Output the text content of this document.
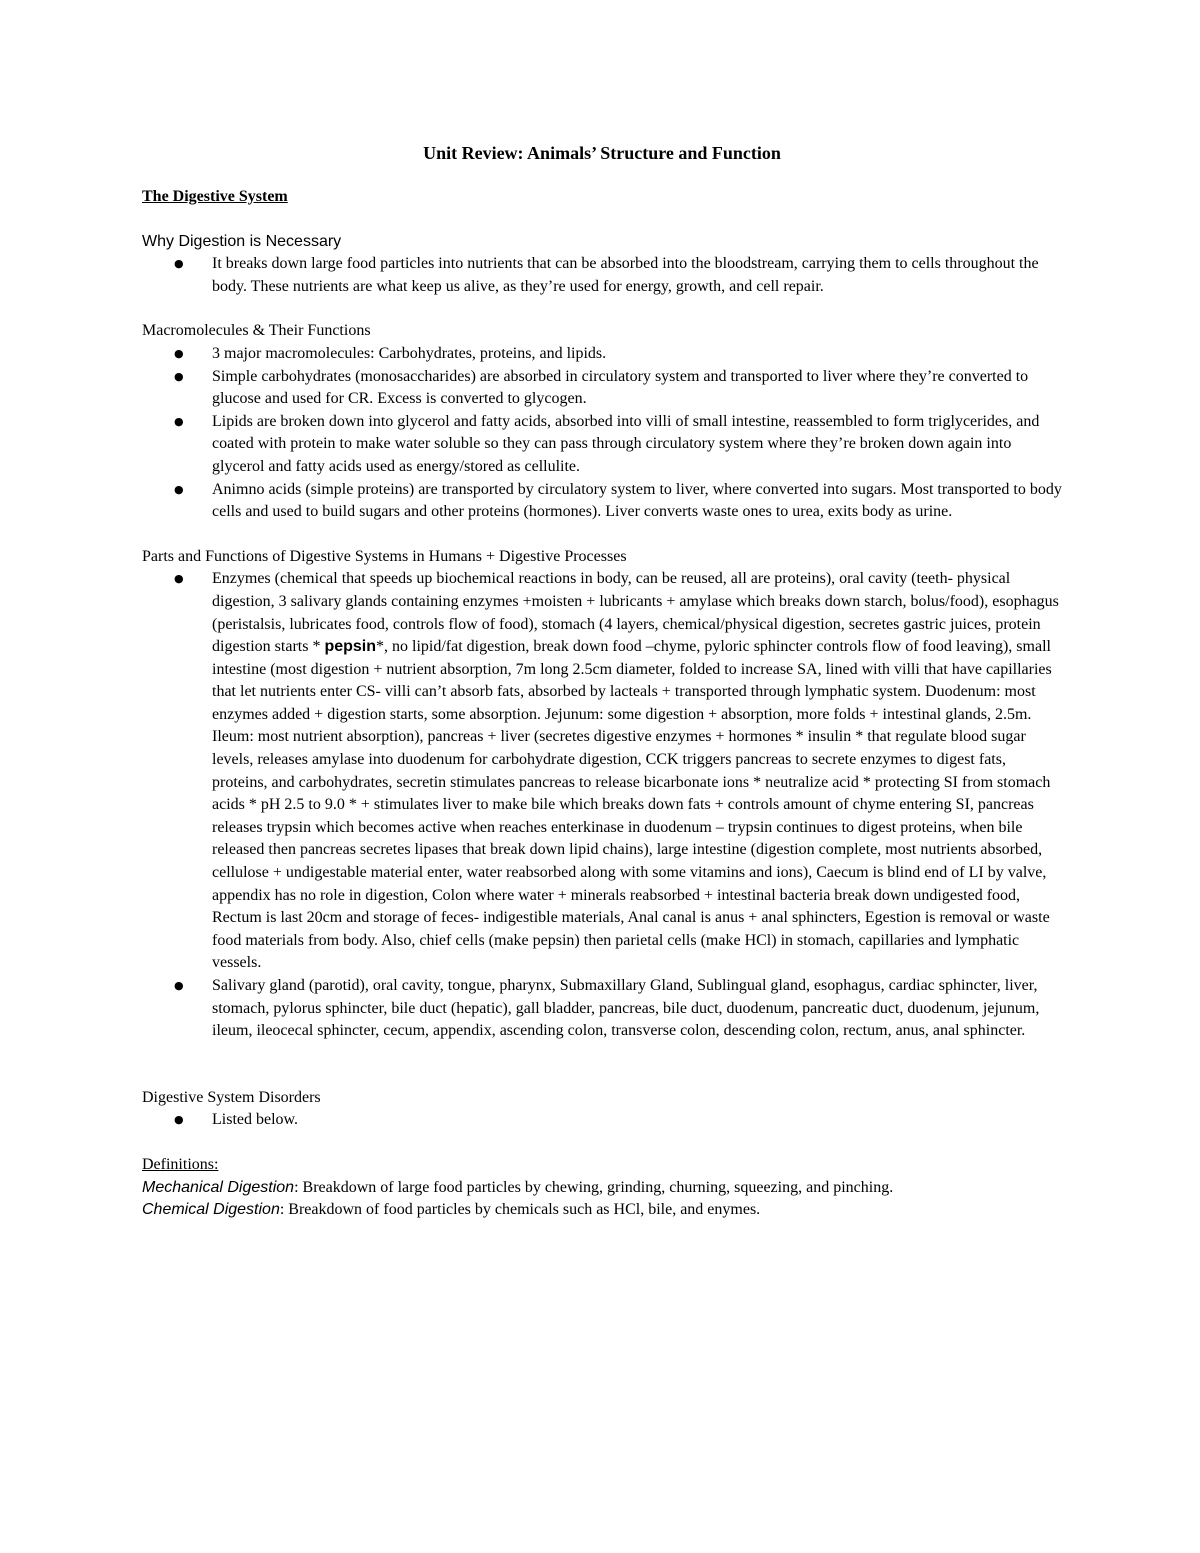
Unit Review: Animals’ Structure and Function
The Digestive System
Why Digestion is Necessary
● It breaks down large food particles into nutrients that can be absorbed into the bloodstream, carrying them to cells throughout the body. These nutrients are what keep us alive, as they’re used for energy, growth, and cell repair.
Macromolecules & Their Functions
● 3 major macromolecules: Carbohydrates, proteins, and lipids.
● Simple carbohydrates (monosaccharides) are absorbed in circulatory system and transported to liver where they’re converted to glucose and used for CR. Excess is converted to glycogen.
● Lipids are broken down into glycerol and fatty acids, absorbed into villi of small intestine, reassembled to form triglycerides, and coated with protein to make water soluble so they can pass through circulatory system where they’re broken down again into glycerol and fatty acids used as energy/stored as cellulite.
● Animno acids (simple proteins) are transported by circulatory system to liver, where converted into sugars. Most transported to body cells and used to build sugars and other proteins (hormones). Liver converts waste ones to urea, exits body as urine.
Parts and Functions of Digestive Systems in Humans + Digestive Processes
● Enzymes (chemical that speeds up biochemical reactions in body, can be reused, all are proteins), oral cavity (teeth- physical digestion, 3 salivary glands containing enzymes +moisten + lubricants + amylase which breaks down starch, bolus/food), esophagus (peristalsis, lubricates food, controls flow of food), stomach (4 layers, chemical/physical digestion, secretes gastric juices, protein digestion starts * pepsin*, no lipid/fat digestion, break down food –chyme, pyloric sphincter controls flow of food leaving), small intestine (most digestion + nutrient absorption, 7m long 2.5cm diameter, folded to increase SA, lined with villi that have capillaries that let nutrients enter CS- villi can’t absorb fats, absorbed by lacteals + transported through lymphatic system. Duodenum: most enzymes added + digestion starts, some absorption. Jejunum: some digestion + absorption, more folds + intestinal glands, 2.5m. Ileum: most nutrient absorption), pancreas + liver (secretes digestive enzymes + hormones * insulin * that regulate blood sugar levels, releases amylase into duodenum for carbohydrate digestion, CCK triggers pancreas to secrete enzymes to digest fats, proteins, and carbohydrates, secretin stimulates pancreas to release bicarbonate ions * neutralize acid * protecting SI from stomach acids * pH 2.5 to 9.0 * + stimulates liver to make bile which breaks down fats + controls amount of chyme entering SI, pancreas releases trypsin which becomes active when reaches enterkinase in duodenum – trypsin continues to digest proteins, when bile released then pancreas secretes lipases that break down lipid chains), large intestine (digestion complete, most nutrients absorbed, cellulose + undigestable material enter, water reabsorbed along with some vitamins and ions), Caecum is blind end of LI by valve, appendix has no role in digestion, Colon where water + minerals reabsorbed + intestinal bacteria break down undigested food, Rectum is last 20cm and storage of feces- indigestible materials, Anal canal is anus + anal sphincters, Egestion is removal or waste food materials from body. Also, chief cells (make pepsin) then parietal cells (make HCl) in stomach, capillaries and lymphatic vessels.
● Salivary gland (parotid), oral cavity, tongue, pharynx, Submaxillary Gland, Sublingual gland, esophagus, cardiac sphincter, liver, stomach, pylorus sphincter, bile duct (hepatic), gall bladder, pancreas, bile duct, duodenum, pancreatic duct, duodenum, jejunum, ileum, ileocecal sphincter, cecum, appendix, ascending colon, transverse colon, descending colon, rectum, anus, anal sphincter.
Digestive System Disorders
● Listed below.
Definitions:
Mechanical Digestion: Breakdown of large food particles by chewing, grinding, churning, squeezing, and pinching.
Chemical Digestion: Breakdown of food particles by chemicals such as HCl, bile, and enymes.
